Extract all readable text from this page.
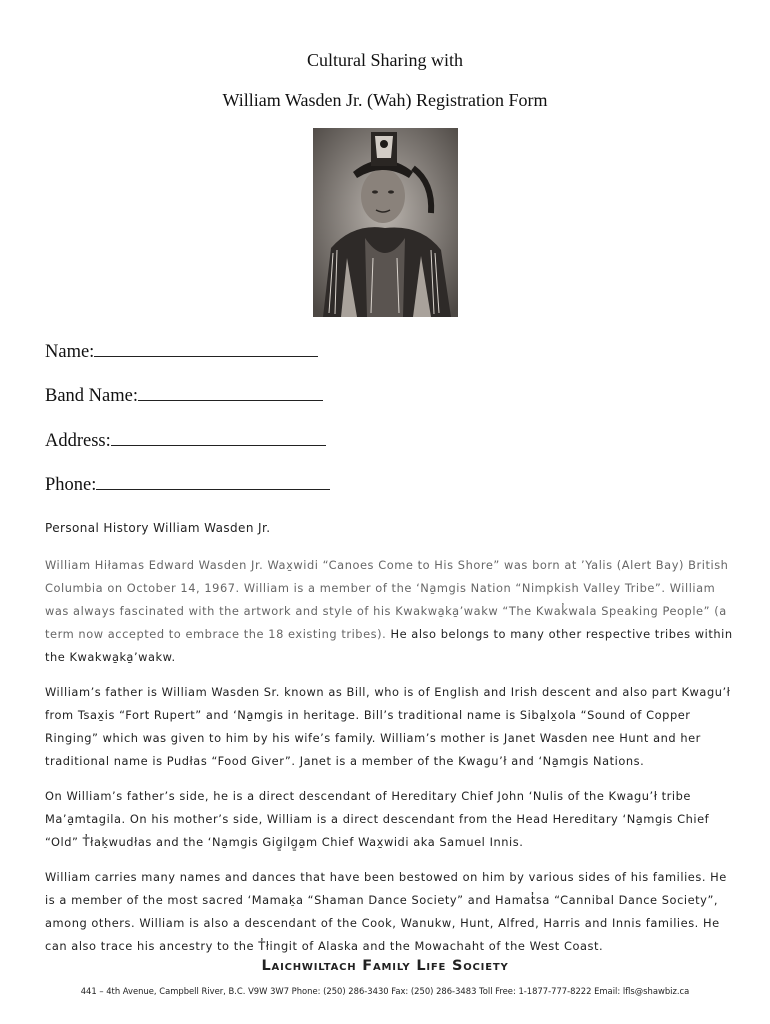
Cultural Sharing with
William Wasden Jr. (Wah) Registration Form
Name:
Band Name:
Address:
Phone:
Personal History William Wasden Jr.
William Hiłamas Edward Wasden Jr. Wax̱widi “Canoes Come to His Shore” was born at ’Yalis (Alert Bay) British Columbia on October 14, 1967. William is a member of the ‘Na̱mgis Nation “Nimpkish Valley Tribe”. William was always fascinated with the artwork and style of his Kwakwa̱ka̱’wakw “The Kwak̓wala Speaking People” (a term now accepted to embrace the 18 existing tribes). He also belongs to many other respective tribes within the Kwakwa̱ka̱’wakw.
William’s father is William Wasden Sr. known as Bill, who is of English and Irish descent and also part Kwagu’ł from Tsax̱is “Fort Rupert” and ‘Na̱mgis in heritage. Bill’s traditional name is Siba̱lx̱ola “Sound of Copper Ringing” which was given to him by his wife’s family. William’s mother is Janet Wasden nee Hunt and her traditional name is Pudłas “Food Giver”. Janet is a member of the Kwagu’ł and ‘Na̱mgis Nations.
On William’s father’s side, he is a direct descendant of Hereditary Chief John ‘Nulis of the Kwagu’ł tribe Ma’a̱mtagila. On his mother’s side, William is a direct descendant from the Head Hereditary ‘Na̱mgis Chief “Old” T̓łak̠wudłas and the ‘Na̱mgis Gig̱ilg̱a̱m Chief Wax̱widi aka Samuel Innis.
William carries many names and dances that have been bestowed on him by various sides of his families. He is a member of the most sacred ‘Mamak̠a “Shaman Dance Society” and Hamat̓sa “Cannibal Dance Society”, among others. William is also a descendant of the Cook, Wanukw, Hunt, Alfred, Harris and Innis families. He can also trace his ancestry to the T̓łingit of Alaska and the Mowachaht of the West Coast.
Laichwiltach Family Life Society
441 – 4th Avenue, Campbell River, B.C. V9W 3W7 Phone: (250) 286-3430 Fax: (250) 286-3483 Toll Free: 1-1877-777-8222 Email: lfls@shawbiz.ca
